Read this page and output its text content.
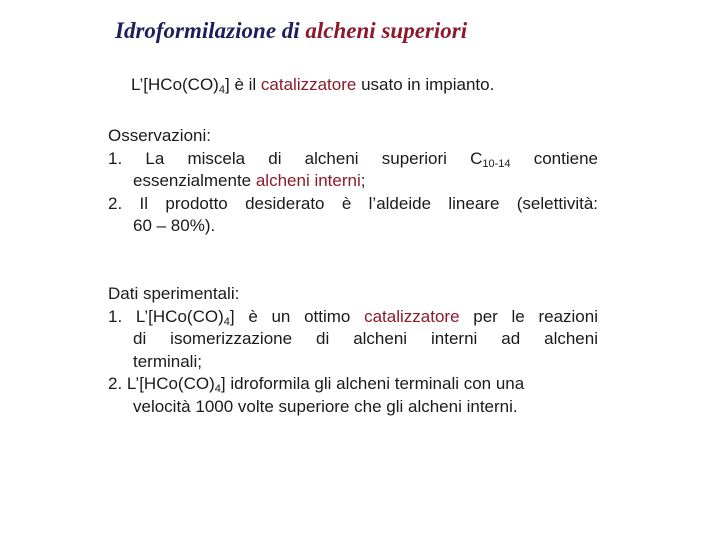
Idroformilazione di alcheni superiori
$L’[HCo(CO)_4]$ è il catalizzatore usato in impianto.
Osservazioni:
1. La miscela di alcheni superiori $C_{10-14}$ contiene
essenzialmente alcheni interni;
2. Il prodotto desiderato è l’aldeide lineare (selettività:
60 – 80%).
Dati sperimentali:
1. $L’[HCo(CO)_4]$ è un ottimo catalizzatore per le reazioni
di isomerizzazione di alcheni interni ad alcheni
terminali;
2. $L’[HCo(CO)_4]$ idroformila gli alcheni terminali con una
velocità 1000 volte superiore che gli alcheni interni.
